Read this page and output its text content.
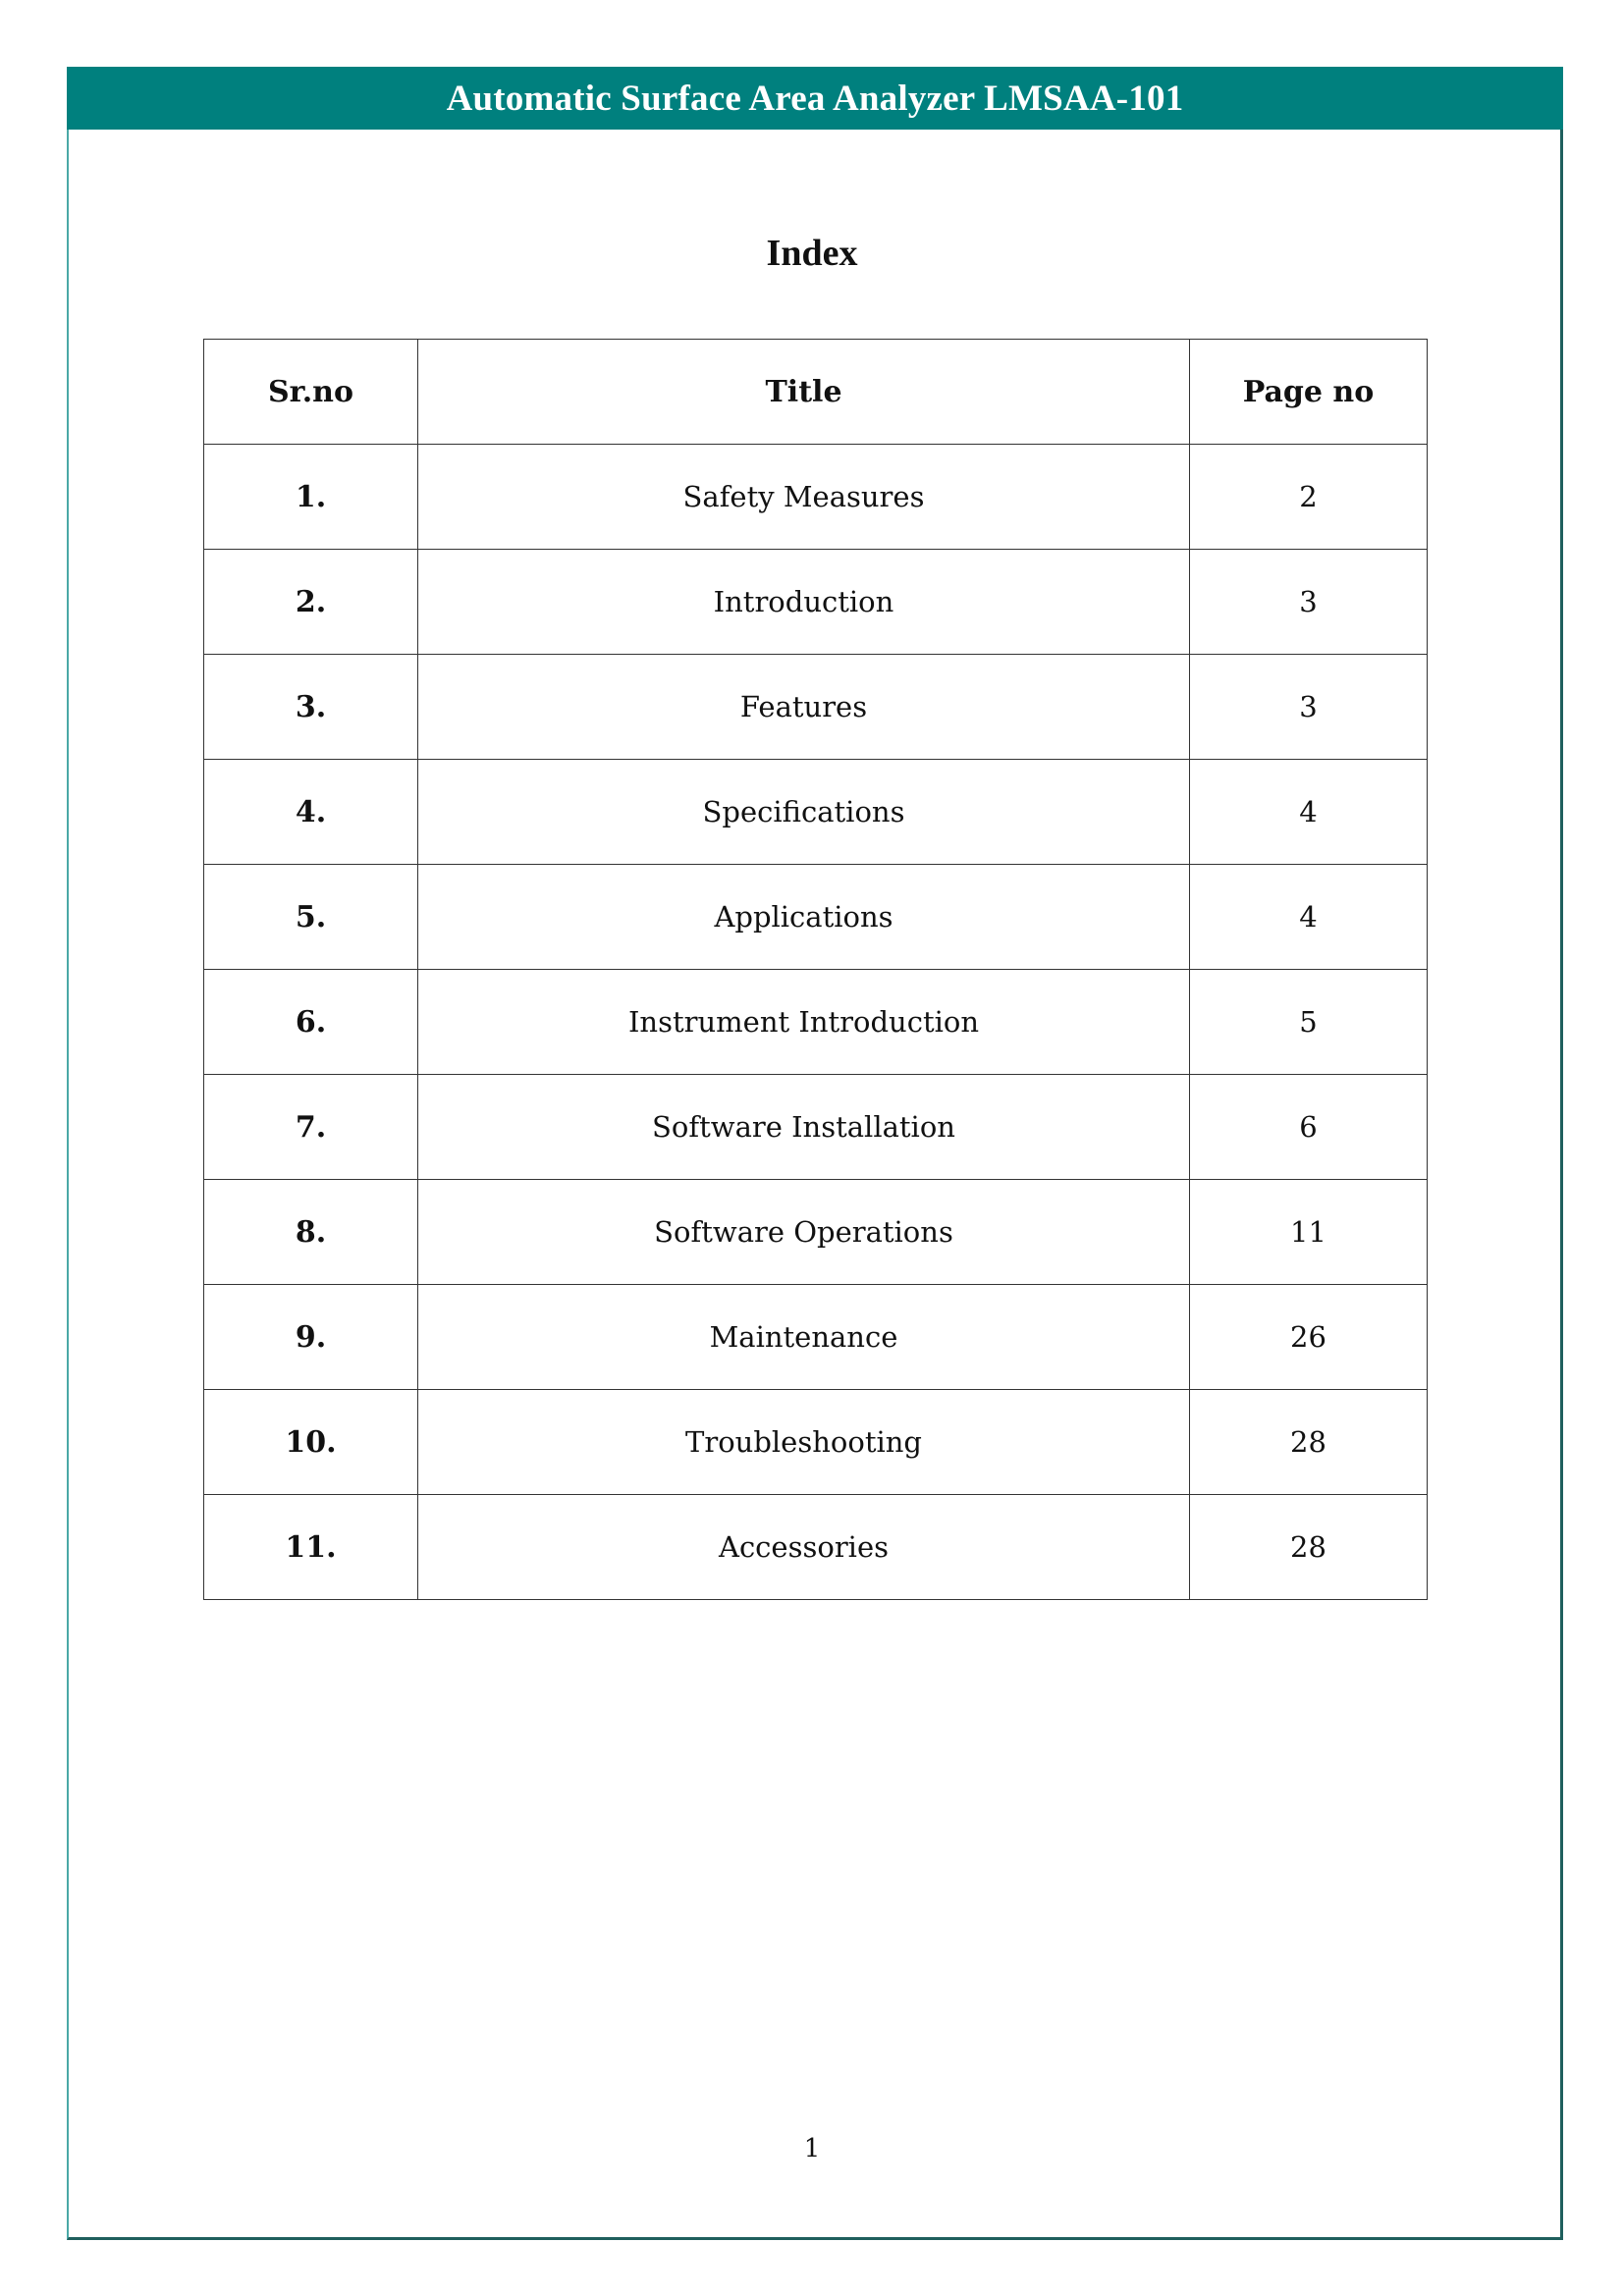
Automatic Surface Area Analyzer LMSAA-101
Index
Sr.no	Title	Page no
1.	Safety Measures	2
2.	Introduction	3
3.	Features	3
4.	Specifications	4
5.	Applications	4
6.	Instrument Introduction	5
7.	Software Installation	6
8.	Software Operations	11
9.	Maintenance	26
10.	Troubleshooting	28
11.	Accessories	28
1
